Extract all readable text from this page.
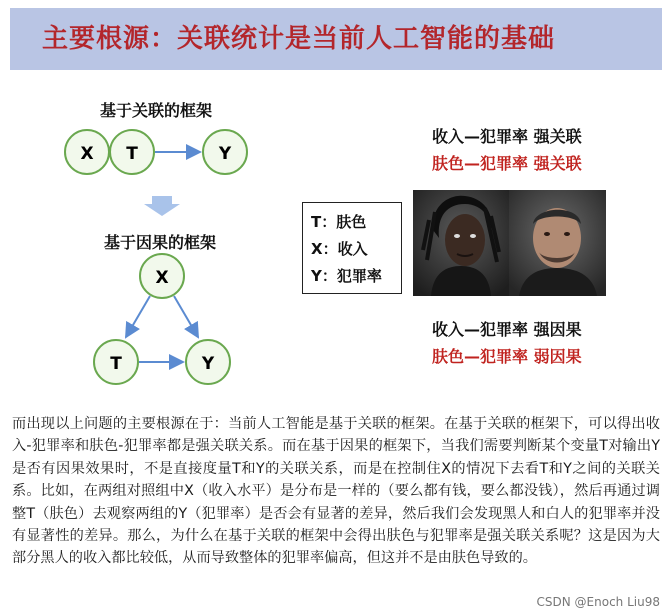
主要根源：关联统计是当前人工智能的基础
基于关联的框架
基于因果的框架
X T	Y
X
T	Y
T：肤色
X：收入
Y：犯罪率
收入—犯罪率 强关联
肤色—犯罪率 强关联
收入—犯罪率 强因果
肤色—犯罪率 弱因果
而出现以上问题的主要根源在于：当前人工智能是基于关联的框架。在基于关联的框架下，可以得出收入-犯罪率和肤色-犯罪率都是强关联关系。而在基于因果的框架下，当我们需要判断某个变量T对输出Y是否有因果效果时，不是直接度量T和Y的关联关系，而是在控制住X的情况下去看T和Y之间的关联关系。比如，在两组对照组中X（收入水平）是分布是一样的（要么都有钱，要么都没钱），然后再通过调整T（肤色）去观察两组的Y（犯罪率）是否会有显著的差异，然后我们会发现黑人和白人的犯罪率并没有显著性的差异。那么，为什么在基于关联的框架中会得出肤色与犯罪率是强关联关系呢？这是因为大部分黑人的收入都比较低，从而导致整体的犯罪率偏高，但这并不是由肤色导致的。
CSDN @Enoch Liu98
